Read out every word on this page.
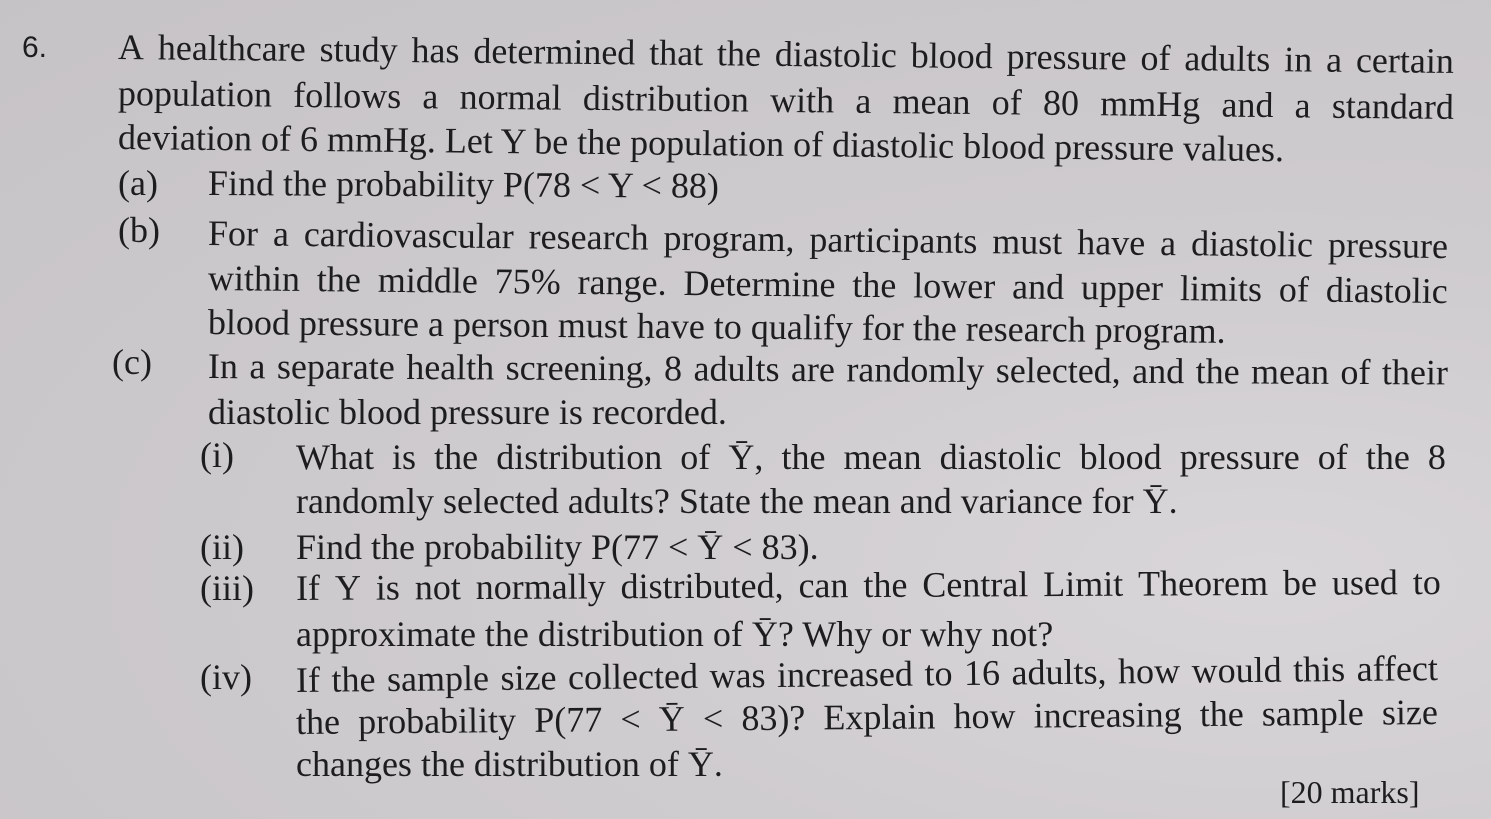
6. A healthcare study has determined that the diastolic blood pressure of adults in a certain
population follows a normal distribution with a mean of 80 mmHg and a standard
deviation of 6 mmHg. Let Y be the population of diastolic blood pressure values.
(a) Find the probability P(78 < Y < 88)
(b) For a cardiovascular research program, participants must have a diastolic pressure
within the middle 75% range. Determine the lower and upper limits of diastolic
blood pressure a person must have to qualify for the research program.
(c) In a separate health screening, 8 adults are randomly selected, and the mean of their
diastolic blood pressure is recorded.
(i) What is the distribution of Ȳ, the mean diastolic blood pressure of the 8
randomly selected adults? State the mean and variance for Ȳ.
(ii) Find the probability P(77 < Ȳ < 83).
(iii) If Y is not normally distributed, can the Central Limit Theorem be used to
approximate the distribution of Ȳ? Why or why not?
(iv) If the sample size collected was increased to 16 adults, how would this affect
the probability P(77 < Ȳ < 83)? Explain how increasing the sample size
changes the distribution of Ȳ.
[20 marks]
